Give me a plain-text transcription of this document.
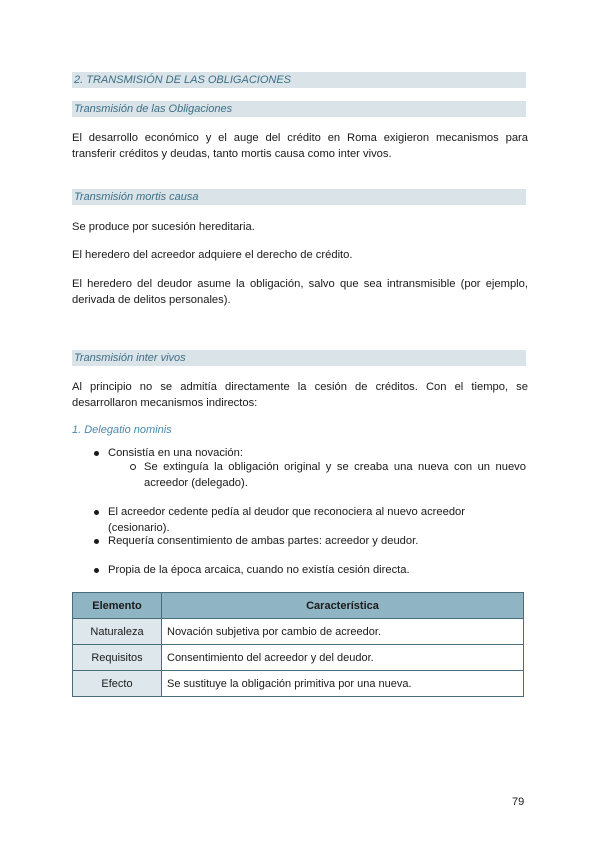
2. TRANSMISIÓN DE LAS OBLIGACIONES
Transmisión de las Obligaciones

El desarrollo económico y el auge del crédito en Roma exigieron mecanismos para transferir créditos y deudas, tanto mortis causa como inter vivos.

Transmisión mortis causa

Se produce por sucesión hereditaria.

El heredero del acreedor adquiere el derecho de crédito.

El heredero del deudor asume la obligación, salvo que sea intransmisible (por ejemplo, derivada de delitos personales).

Transmisión inter vivos

Al principio no se admitía directamente la cesión de créditos. Con el tiempo, se desarrollaron mecanismos indirectos:

1. Delegatio nominis
Consistía en una novación:
Se extinguía la obligación original y se creaba una nueva con un nuevo acreedor (delegado).
El acreedor cedente pedía al deudor que reconociera al nuevo acreedor (cesionario).
Requería consentimiento de ambas partes: acreedor y deudor.
Propia de la época arcaica, cuando no existía cesión directa.
Elemento	Característica
Naturaleza	Novación subjetiva por cambio de acreedor.
Requisitos	Consentimiento del acreedor y del deudor.
Efecto	Se sustituye la obligación primitiva por una nueva.
79
